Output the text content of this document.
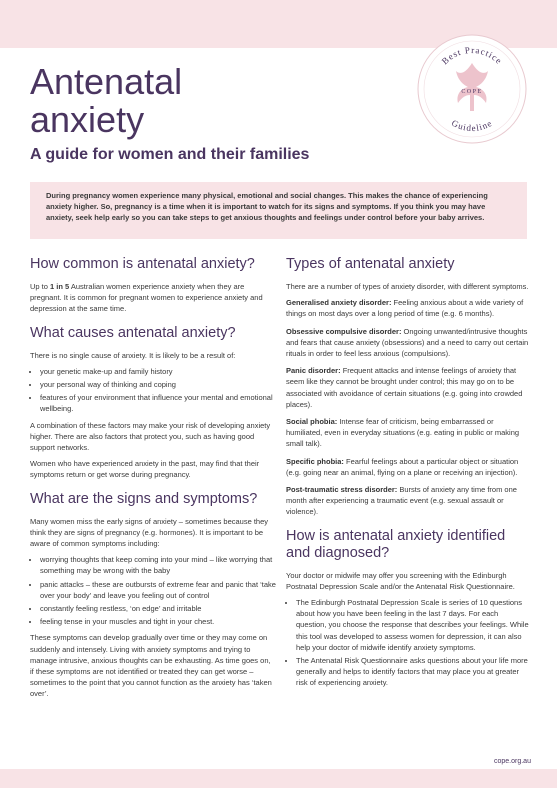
Antenatal
anxiety
Best Practice
COPE
Guideline
A guide for women and their families

During pregnancy women experience many physical, emotional and social changes. This makes the chance of experiencing anxiety higher. So, pregnancy is a time when it is important to watch for its signs and symptoms. If you think you may have anxiety, seek help early so you can take steps to get anxious thoughts and feelings under control before your baby arrives.

How common is antenatal anxiety?

Up to 1 in 5 Australian women experience anxiety when they are pregnant. It is common for pregnant women to experience anxiety and depression at the same time.

What causes antenatal anxiety?

There is no single cause of anxiety. It is likely to be a result of:

• your genetic make-up and family history
• your personal way of thinking and coping
• features of your environment that influence your mental and emotional wellbeing.

A combination of these factors may make your risk of developing anxiety higher. There are also factors that protect you, such as having good support networks.

Women who have experienced anxiety in the past, may find that their symptoms return or get worse during pregnancy.

What are the signs and symptoms?

Many women miss the early signs of anxiety – sometimes because they think they are signs of pregnancy (e.g. hormones). It is important to be aware of common symptoms including:

• worrying thoughts that keep coming into your mind – like worrying that something may be wrong with the baby
• panic attacks – these are outbursts of extreme fear and panic that ‘take over your body’ and leave you feeling out of control
• constantly feeling restless, ‘on edge’ and irritable
• feeling tense in your muscles and tight in your chest.

These symptoms can develop gradually over time or they may come on suddenly and intensely. Living with anxiety symptoms and trying to manage intrusive, anxious thoughts can be exhausting. As time goes on, if these symptoms are not identified or treated they can get worse – sometimes to the point that you cannot function as the anxiety has ‘taken over’.

Types of antenatal anxiety

There are a number of types of anxiety disorder, with different symptoms.

Generalised anxiety disorder: Feeling anxious about a wide variety of things on most days over a long period of time (e.g. 6 months).

Obsessive compulsive disorder: Ongoing unwanted/intrusive thoughts and fears that cause anxiety (obsessions) and a need to carry out certain rituals in order to feel less anxious (compulsions).

Panic disorder: Frequent attacks and intense feelings of anxiety that seem like they cannot be brought under control; this may go on to be associated with avoidance of certain situations (e.g. going into crowded places).

Social phobia: Intense fear of criticism, being embarrassed or humiliated, even in everyday situations (e.g. eating in public or making small talk).

Specific phobia: Fearful feelings about a particular object or situation (e.g. going near an animal, flying on a plane or receiving an injection).

Post-traumatic stress disorder: Bursts of anxiety any time from one month after experiencing a traumatic event (e.g. sexual assault or violence).

How is antenatal anxiety identified and diagnosed?

Your doctor or midwife may offer you screening with the Edinburgh Postnatal Depression Scale and/or the Antenatal Risk Questionnaire.

• The Edinburgh Postnatal Depression Scale is series of 10 questions about how you have been feeling in the last 7 days. For each question, you choose the response that describes your feelings. While this tool was developed to assess women for depression, it can also help your doctor of midwife identify anxiety symptoms.
• The Antenatal Risk Questionnaire asks questions about your life more generally and helps to identify factors that may place you at greater risk of experiencing anxiety.
cope.org.au
